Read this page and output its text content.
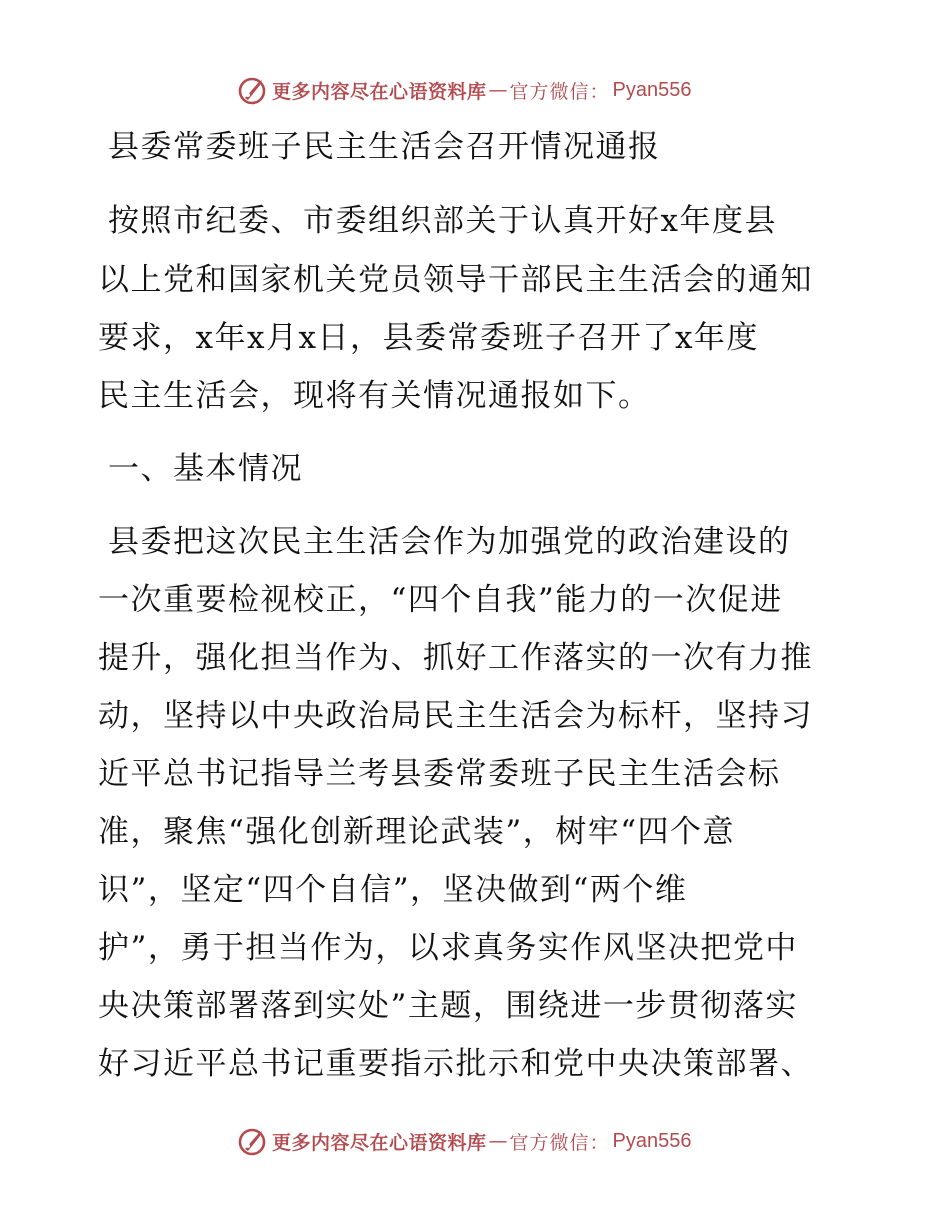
更多内容尽在心语资料库 — 官方微信 ： Pyan556
县委常委班子民主生活会召开情况通报
按照市纪委、市委组织部关于认真开好x年度县
以上党和国家机关党员领导干部民主生活会的通知
要求，x年x月x日，县委常委班子召开了x年度
民主生活会，现将有关情况通报如下。
一、基本情况
县委把这次民主生活会作为加强党的政治建设的
一次重要检视校正，“四个自我”能力的一次促进
提升，强化担当作为、抓好工作落实的一次有力推
动，坚持以中央政治局民主生活会为标杆，坚持习
近平总书记指导兰考县委常委班子民主生活会标
准，聚焦“强化创新理论武装”，树牢“四个意
识”，坚定“四个自信”，坚决做到“两个维
护”，勇于担当作为，以求真务实作风坚决把党中
央决策部署落到实处”主题，围绕进一步贯彻落实
好习近平总书记重要指示批示和党中央决策部署、
更多内容尽在心语资料库 — 官方微信 ： Pyan556
